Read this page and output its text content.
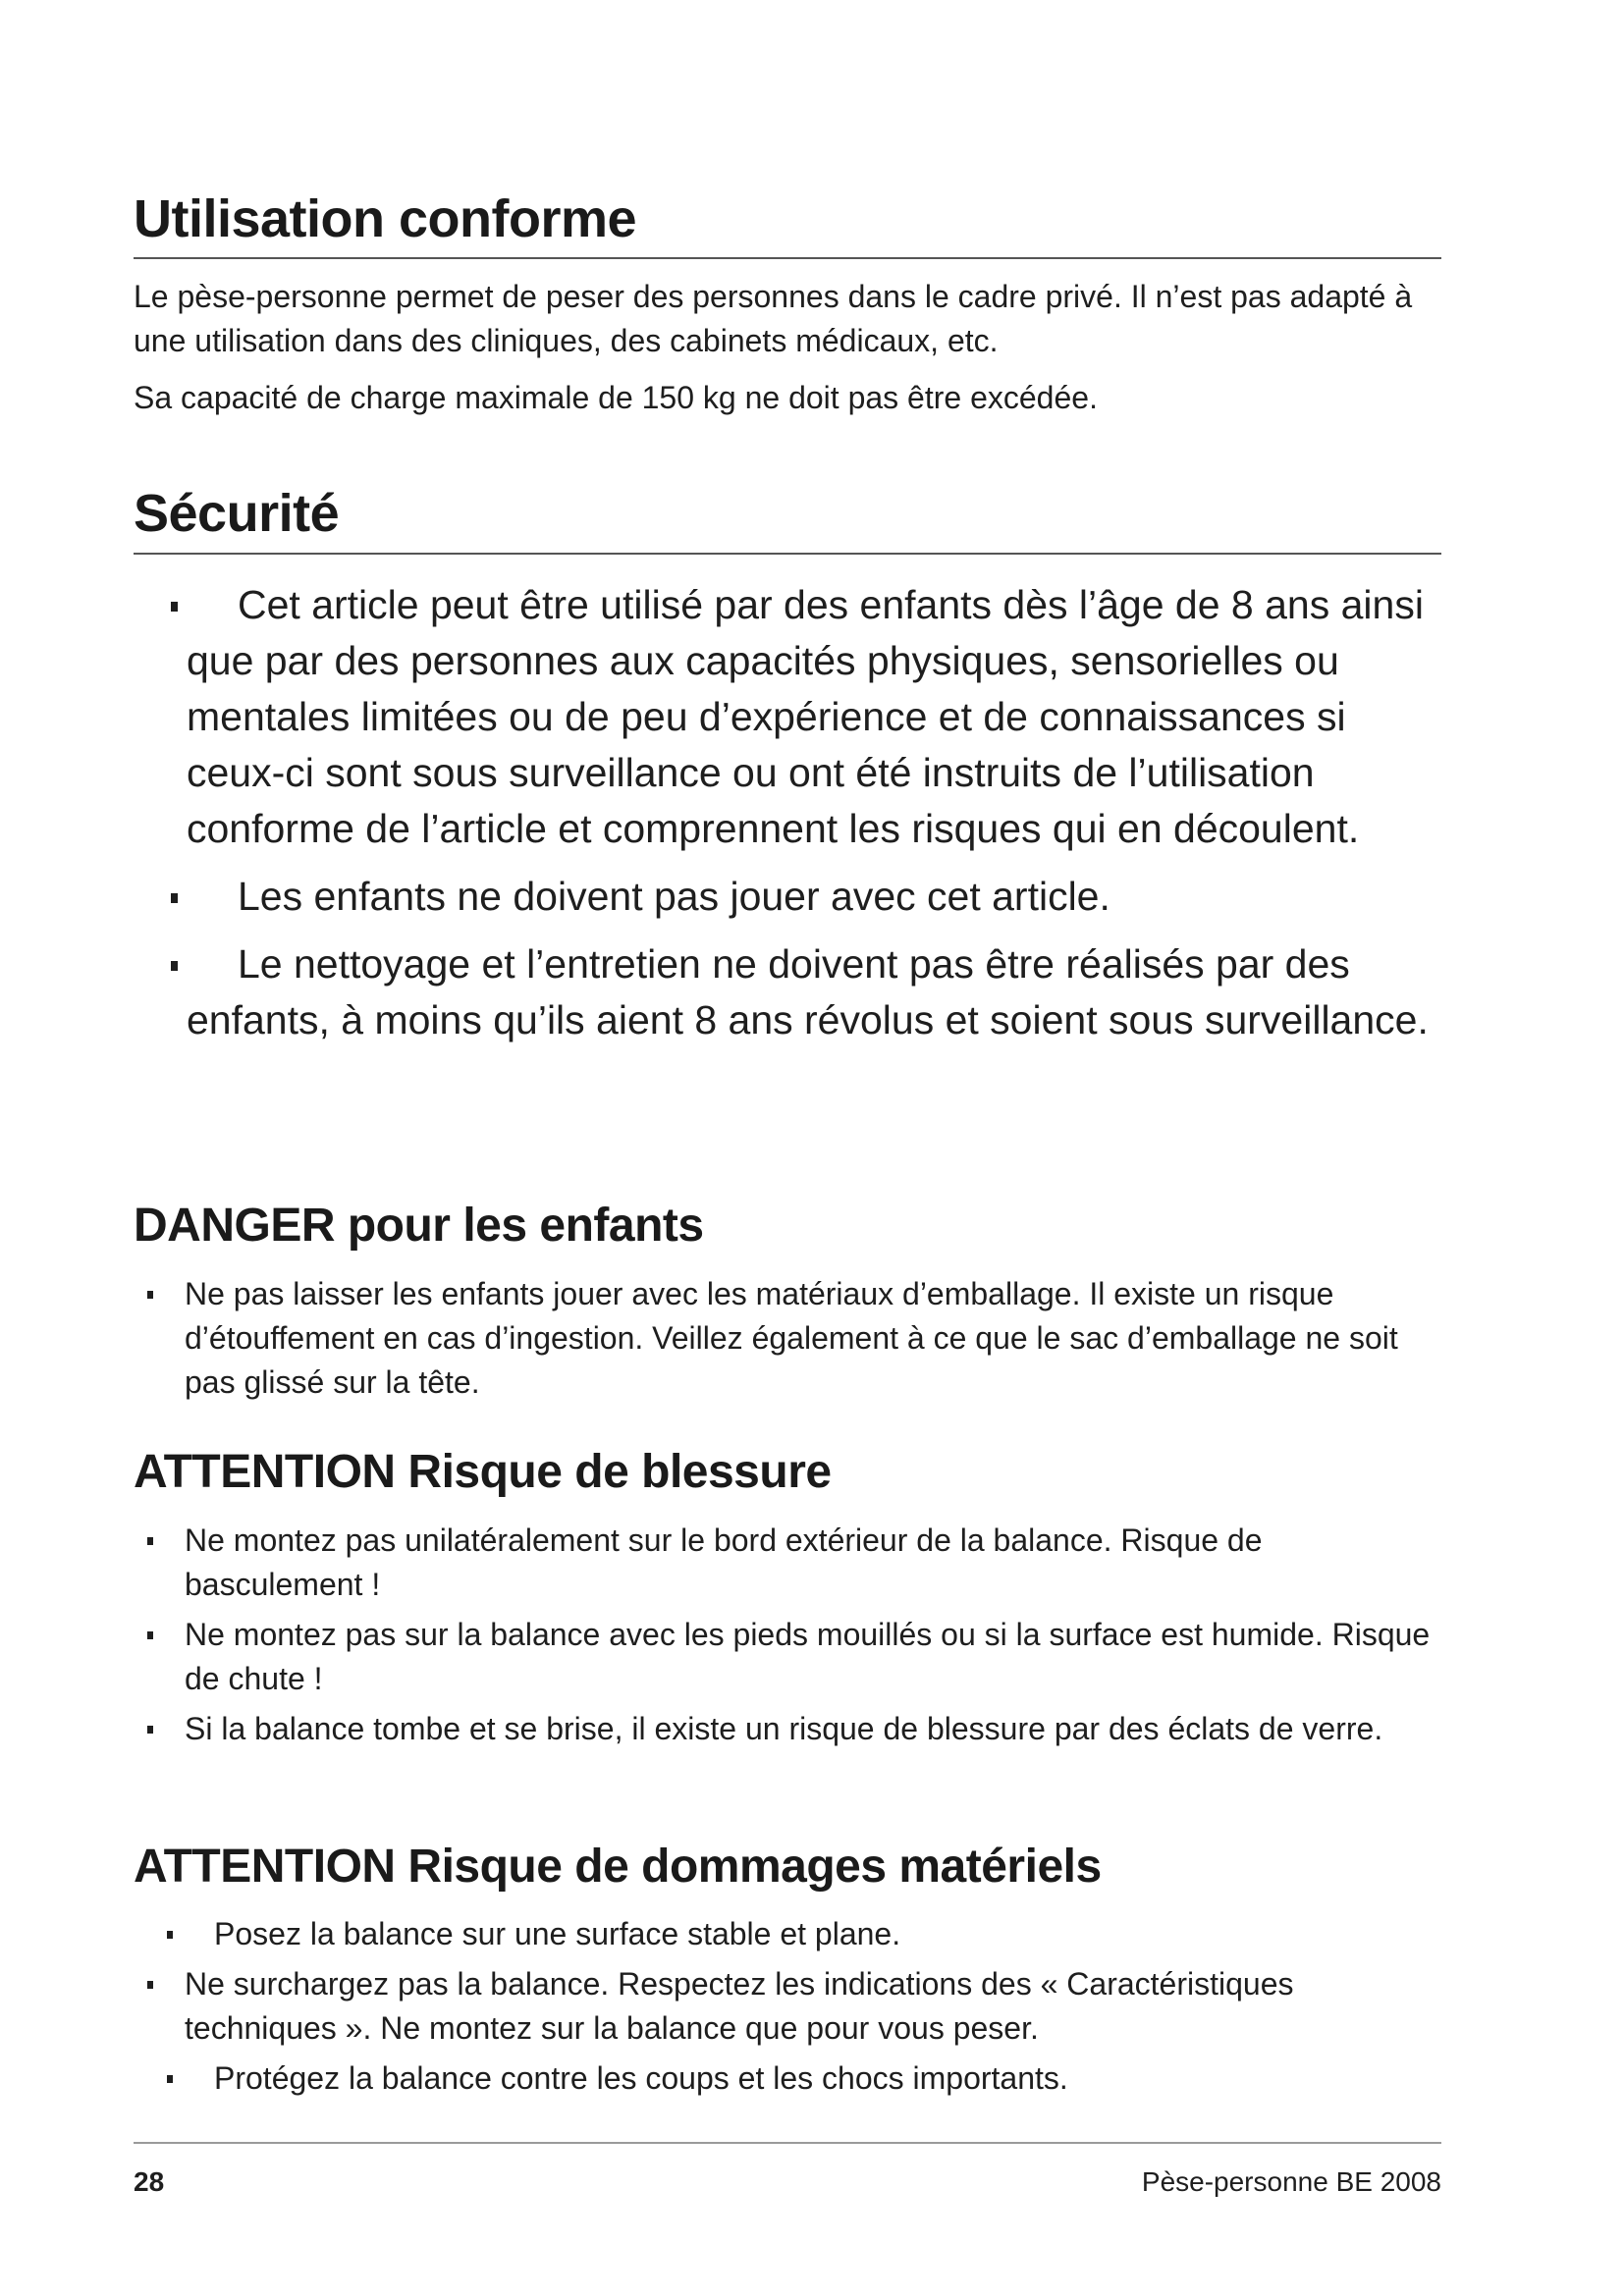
Utilisation conforme

Le pèse-personne permet de peser des personnes dans le cadre privé. Il n’est pas adapté à une utilisation dans des cliniques, des cabinets médicaux, etc.

Sa capacité de charge maximale de 150 kg ne doit pas être excédée.

Sécurité
Cet article peut être utilisé par des enfants dès l’âge de 8 ans ainsi que par des personnes aux capacités physiques, sensorielles ou mentales limitées ou de peu d’expérience et de connaissances si ceux-ci sont sous surveillance ou ont été instruits de l’utilisation conforme de l’article et comprennent les risques qui en découlent.
Les enfants ne doivent pas jouer avec cet article.
Le nettoyage et l’entretien ne doivent pas être réalisés par des enfants, à moins qu’ils aient 8 ans révolus et soient sous surveillance.
DANGER pour les enfants
Ne pas laisser les enfants jouer avec les matériaux d’emballage. Il existe un risque d’étouffement en cas d’ingestion. Veillez également à ce que le sac d’emballage ne soit pas glissé sur la tête.
ATTENTION Risque de blessure
Ne montez pas unilatéralement sur le bord extérieur de la balance. Risque de basculement !
Ne montez pas sur la balance avec les pieds mouillés ou si la surface est humide. Risque de chute !
Si la balance tombe et se brise, il existe un risque de blessure par des éclats de verre.
ATTENTION Risque de dommages matériels
Posez la balance sur une surface stable et plane.
Ne surchargez pas la balance. Respectez les indications des « Caractéristiques techniques ». Ne montez sur la balance que pour vous peser.
Protégez la balance contre les coups et les chocs importants.
28	Pèse-personne BE 2008
